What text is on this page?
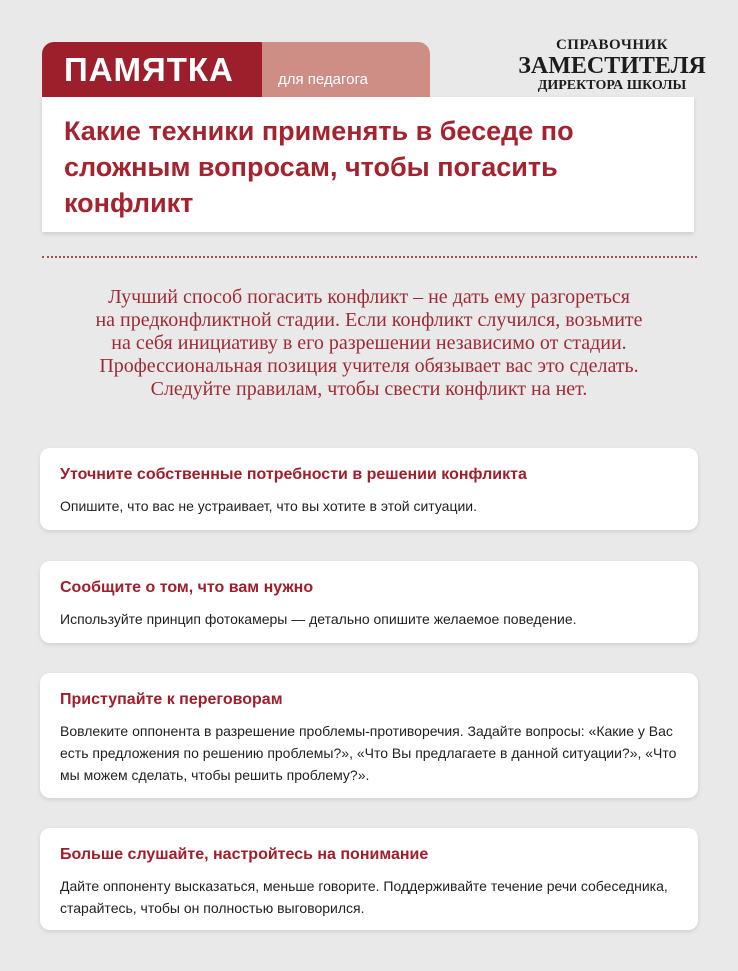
ПАМЯТКА	для педагога
СПРАВОЧНИК
ЗАМЕСТИТЕЛЯ
ДИРЕКТОРА ШКОЛЫ
Какие техники применять в беседе по сложным вопросам, чтобы погасить конфликт

Лучший способ погасить конфликт – не дать ему разгореться
на предконфликтной стадии. Если конфликт случился, возьмите
на себя инициативу в его разрешении независимо от стадии.
Профессиональная позиция учителя обязывает вас это сделать.
Следуйте правилам, чтобы свести конфликт на нет.

Уточните собственные потребности в решении конфликта

Опишите, что вас не устраивает, что вы хотите в этой ситуации.

Сообщите о том, что вам нужно

Используйте принцип фотокамеры — детально опишите желаемое поведение.

Приступайте к переговорам

Вовлеките оппонента в разрешение проблемы-противоречия. Задайте вопросы: «Какие у Вас есть предложения по решению проблемы?», «Что Вы предлагаете в данной ситуации?», «Что мы можем сделать, чтобы решить проблему?».

Больше слушайте, настройтесь на понимание

Дайте оппоненту высказаться, меньше говорите. Поддерживайте течение речи собеседника, старайтесь, чтобы он полностью выговорился.
